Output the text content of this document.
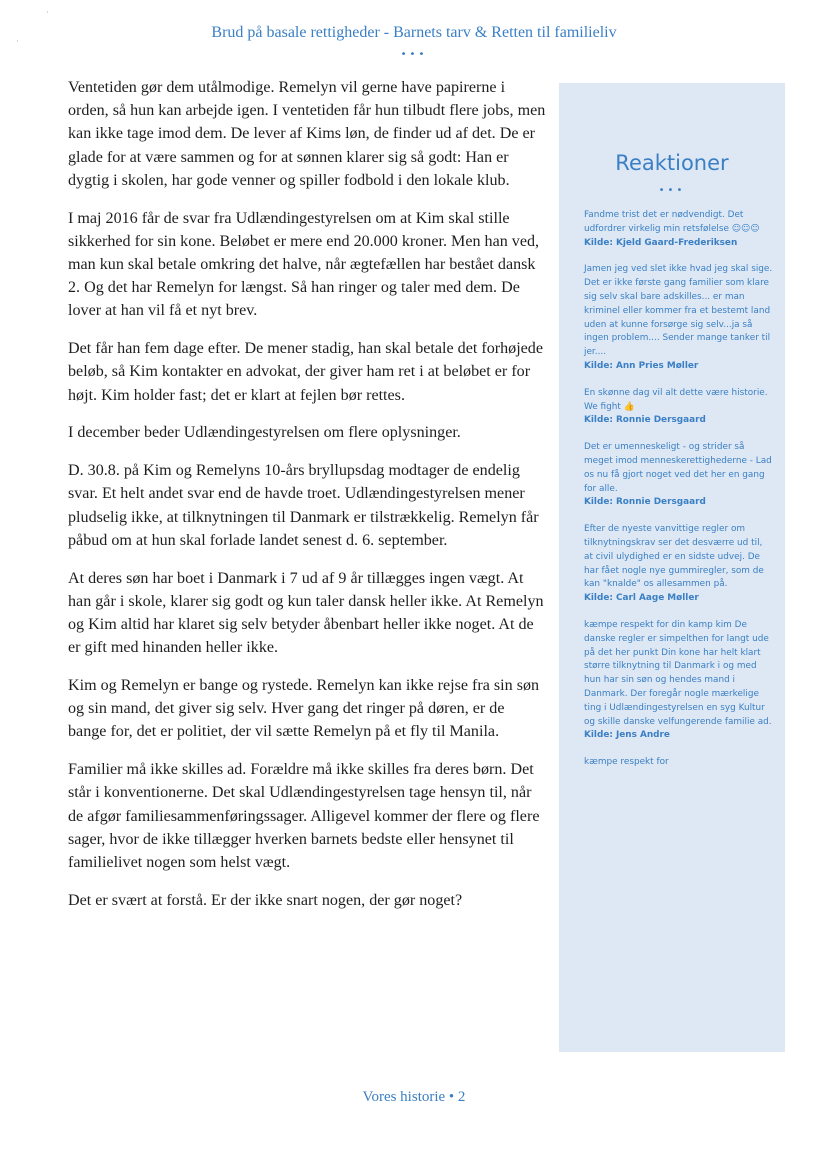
·
·
Brud på basale rettigheder - Barnets tarv & Retten til familieliv
•••

Ventetiden gør dem utålmodige. Remelyn vil gerne have papirerne i orden, så hun kan arbejde igen. I ventetiden får hun tilbudt flere jobs, men kan ikke tage imod dem. De lever af Kims løn, de finder ud af det. De er glade for at være sammen og for at sønnen klarer sig så godt: Han er dygtig i skolen, har gode venner og spiller fodbold i den lokale klub.

I maj 2016 får de svar fra Udlændingestyrelsen om at Kim skal stille sikkerhed for sin kone. Beløbet er mere end 20.000 kroner. Men han ved, man kun skal betale omkring det halve, når ægtefællen har bestået dansk 2. Og det har Remelyn for længst. Så han ringer og taler med dem. De lover at han vil få et nyt brev.

Det får han fem dage efter. De mener stadig, han skal betale det forhøjede beløb, så Kim kontakter en advokat, der giver ham ret i at beløbet er for højt. Kim holder fast; det er klart at fejlen bør rettes.

I december beder Udlændingestyrelsen om flere oplysninger.

D. 30.8. på Kim og Remelyns 10-års bryllupsdag modtager de endelig svar. Et helt andet svar end de havde troet. Udlændingestyrelsen mener pludselig ikke, at tilknytningen til Danmark er tilstrækkelig. Remelyn får påbud om at hun skal forlade landet senest d. 6. september.

At deres søn har boet i Danmark i 7 ud af 9 år tillægges ingen vægt. At han går i skole, klarer sig godt og kun taler dansk heller ikke. At Remelyn og Kim altid har klaret sig selv betyder åbenbart heller ikke noget. At de er gift med hinanden heller ikke.

Kim og Remelyn er bange og rystede. Remelyn kan ikke rejse fra sin søn og sin mand, det giver sig selv. Hver gang det ringer på døren, er de bange for, det er politiet, der vil sætte Remelyn på et fly til Manila.

Familier må ikke skilles ad. Forældre må ikke skilles fra deres børn. Det står i konventionerne. Det skal Udlændingestyrelsen tage hensyn til, når de afgør familiesammenføringssager. Alligevel kommer der flere og flere sager, hvor de ikke tillægger hverken barnets bedste eller hensynet til familielivet nogen som helst vægt.

Det er svært at forstå. Er der ikke snart nogen, der gør noget?

Reaktioner
•••
Fandme trist det er nødvendigt. Det udfordrer virkelig min retsfølelse ☺☺☺
Kilde: Kjeld Gaard-Frederiksen
Jamen jeg ved slet ikke hvad jeg skal sige. Det er ikke første gang familier som klare sig selv skal bare adskilles... er man kriminel eller kommer fra et bestemt land uden at kunne forsørge sig selv...ja så ingen problem.... Sender mange tanker til jer....
Kilde: Ann Pries Møller
En skønne dag vil alt dette være historie. We fight 👍
Kilde: Ronnie Dersgaard
Det er umenneskeligt - og strider så meget imod menneskerettighederne - Lad os nu få gjort noget ved det her en gang for alle.
Kilde: Ronnie Dersgaard
Efter de nyeste vanvittige regler om tilknytningskrav ser det desværre ud til, at civil ulydighed er en sidste udvej. De har fået nogle nye gummiregler, som de kan "knalde" os allesammen på.
Kilde: Carl Aage Møller
kæmpe respekt for din kamp kim De danske regler er simpelthen for langt ude på det her punkt Din kone har helt klart større tilknytning til Danmark i og med hun har sin søn og hendes mand i Danmark. Der foregår nogle mærkelige ting i Udlændingestyrelsen en syg Kultur og skille danske velfungerende familie ad.
Kilde: Jens Andre
kæmpe respekt for
Vores historie • 2
